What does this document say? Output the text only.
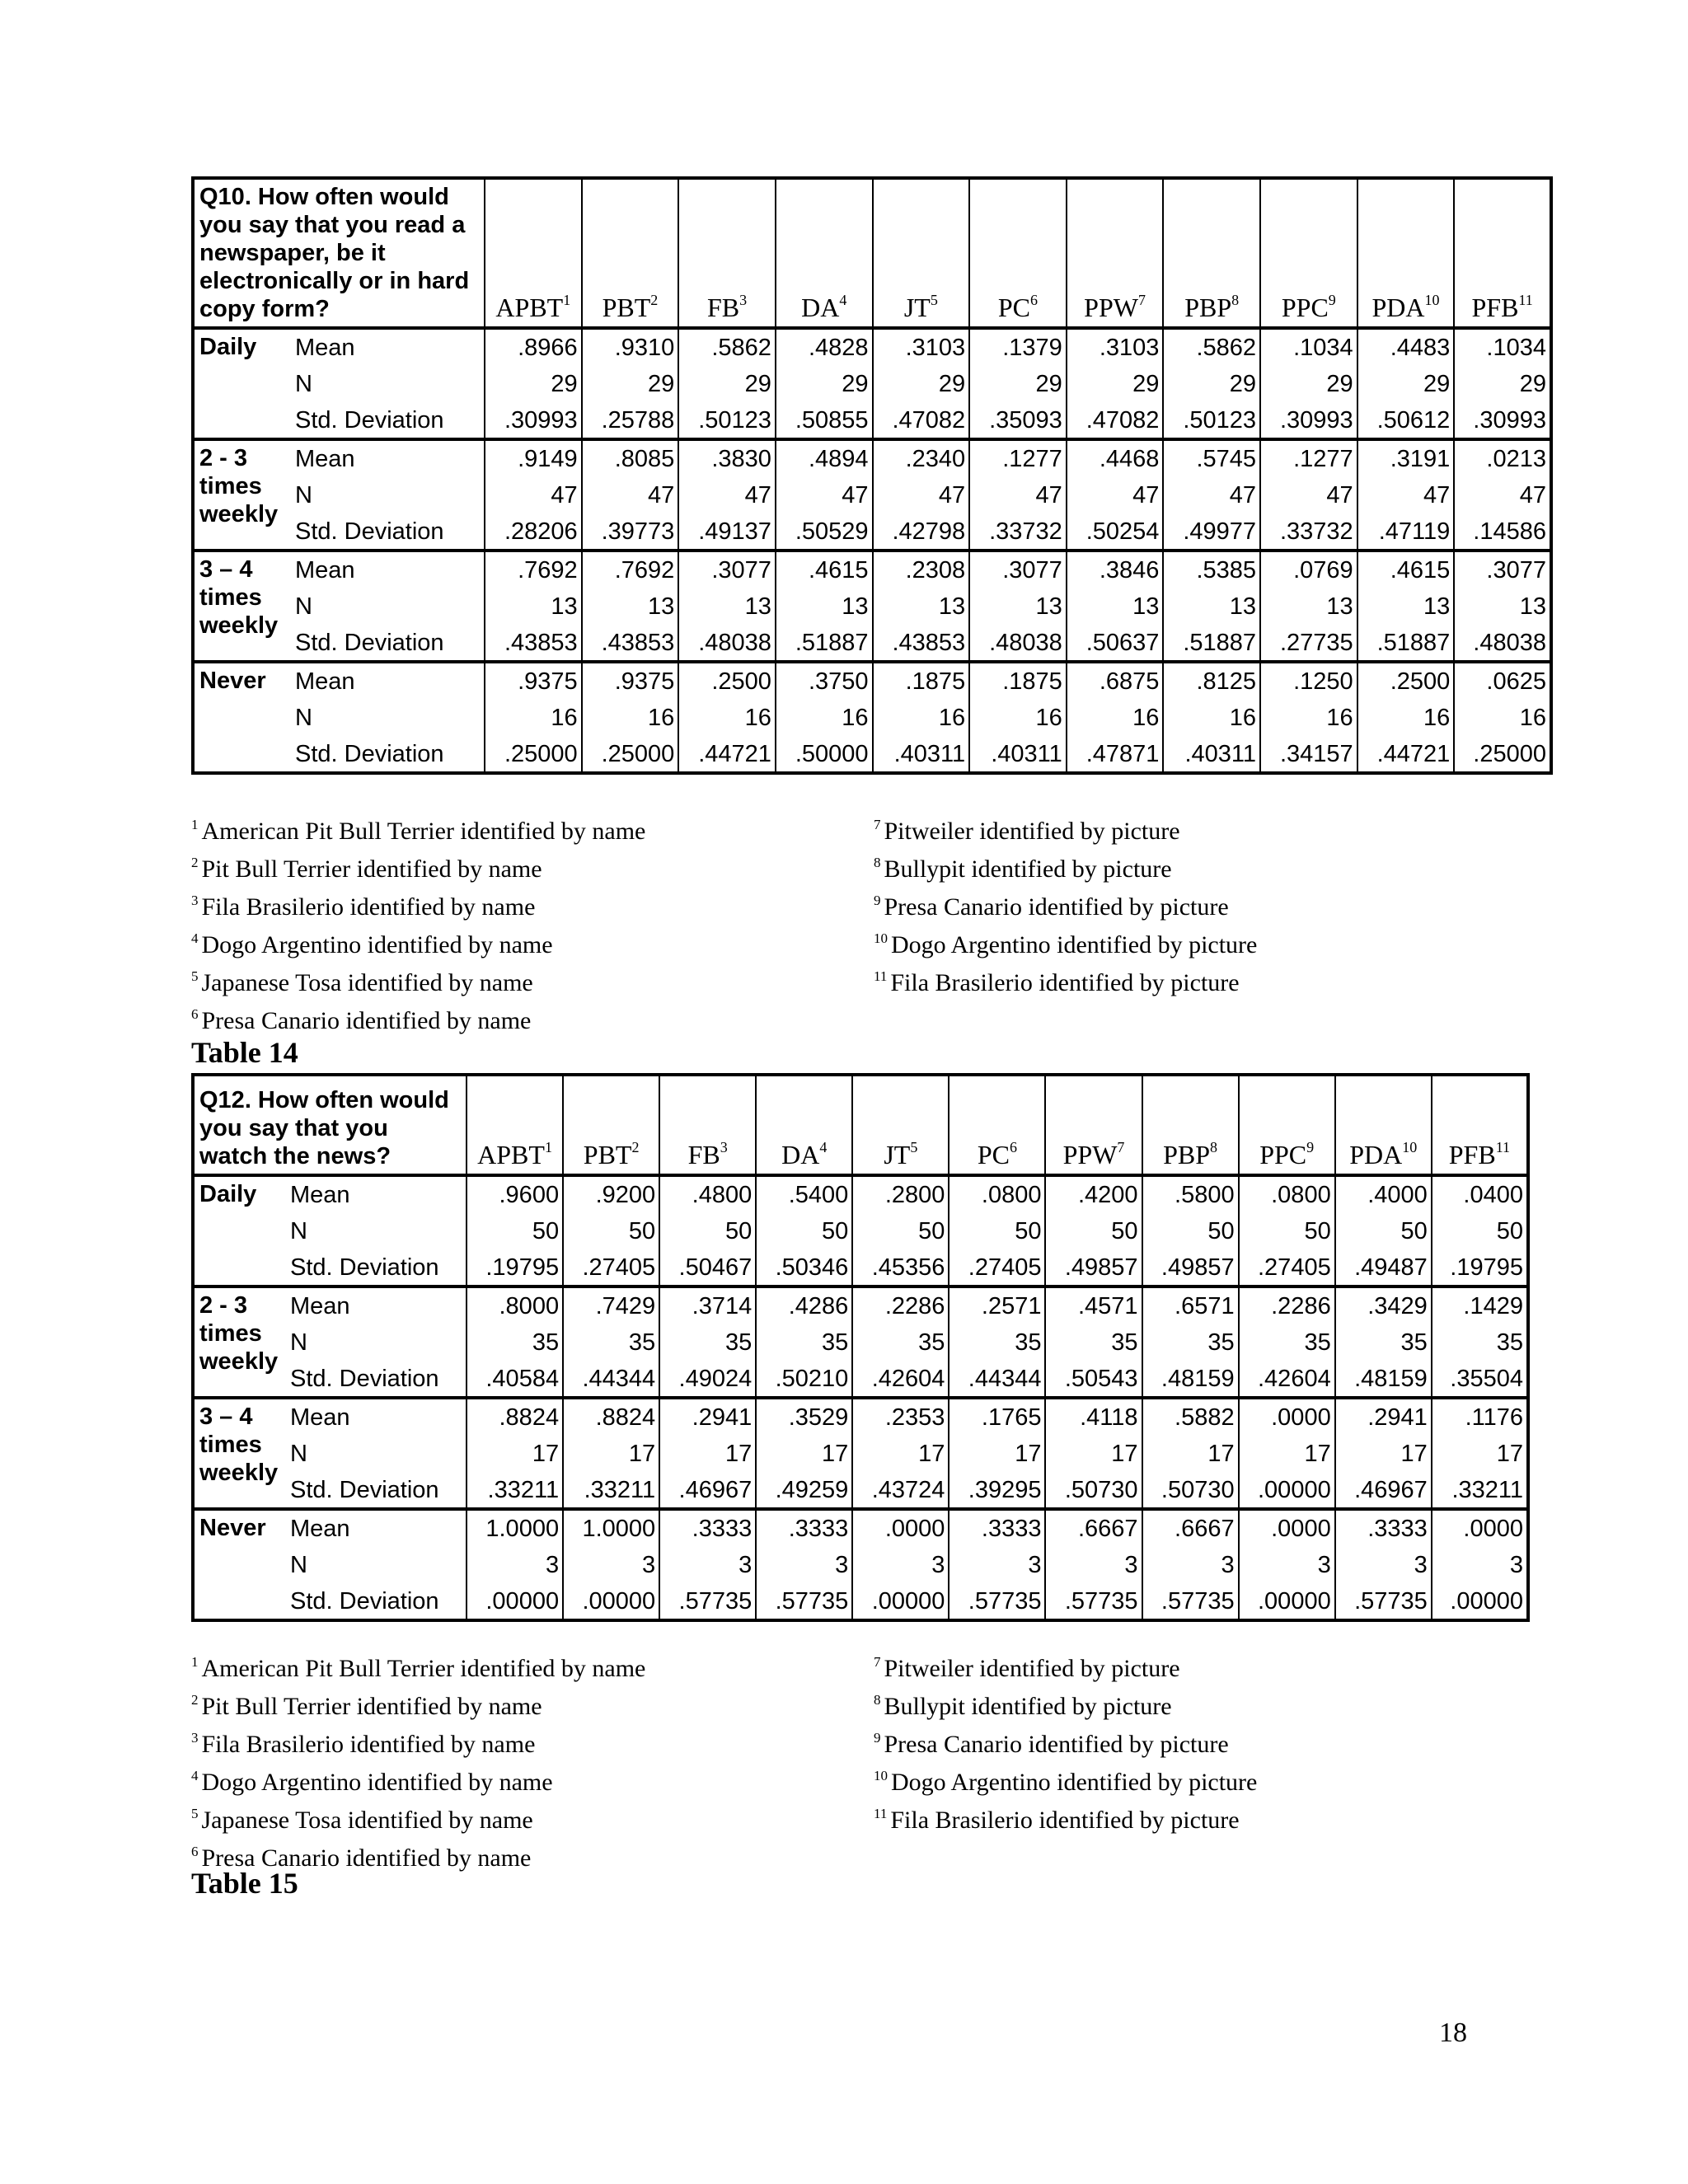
Q10. How often would you say that you read a newspaper, be it electronically or in hard copy form?		APBT$^1$	PBT$^2$	$FB^3$	$DA^4$	$JT^5$	$PC^6$	PPW$^7$	PBP$^8$	PPC$^9$	PDA$^{10}$	PFB$^{11}$
Daily	Mean	.8966	.9310	.5862	.4828	.3103	.1379	.3103	.5862	.1034	.4483	.1034
	N	29	29	29	29	29	29	29	29	29	29	29
	Std. Deviation	.30993	.25788	.50123	.50855	.47082	.35093	.47082	.50123	.30993	.50612	.30993
2 - 3 times weekly	Mean	.9149	.8085	.3830	.4894	.2340	.1277	.4468	.5745	.1277	.3191	.0213
	N	47	47	47	47	47	47	47	47	47	47	47
	Std. Deviation	.28206	.39773	.49137	.50529	.42798	.33732	.50254	.49977	.33732	.47119	.14586
3 – 4 times weekly	Mean	.7692	.7692	.3077	.4615	.2308	.3077	.3846	.5385	.0769	.4615	.3077
	N	13	13	13	13	13	13	13	13	13	13	13
	Std. Deviation	.43853	.43853	.48038	.51887	.43853	.48038	.50637	.51887	.27735	.51887	.48038
Never	Mean	.9375	.9375	.2500	.3750	.1875	.1875	.6875	.8125	.1250	.2500	.0625
	N	16	16	16	16	16	16	16	16	16	16	16
	Std. Deviation	.25000	.25000	.44721	.50000	.40311	.40311	.47871	.40311	.34157	.44721	.25000
$^1$ American Pit Bull Terrier identified by name
$^2$ Pit Bull Terrier identified by name
$^3$ Fila Brasilerio identified by name
$^4$ Dogo Argentino identified by name
$^5$ Japanese Tosa identified by name
$^6$ Presa Canario identified by name
$^7$ Pitweiler identified by picture
$^8$ Bullypit identified by picture
$^9$ Presa Canario identified by picture
$^{10}$ Dogo Argentino identified by picture
$^{11}$ Fila Brasilerio identified by picture
Table 14
Q12. How often would you say that you watch the news?		APBT$^1$	PBT$^2$	$FB^3$	$DA^4$	$JT^5$	$PC^6$	PPW$^7$	PBP$^8$	PPC$^9$	PDA$^{10}$	PFB$^{11}$
Daily	Mean	.9600	.9200	.4800	.5400	.2800	.0800	.4200	.5800	.0800	.4000	.0400
	N	50	50	50	50	50	50	50	50	50	50	50
	Std. Deviation	.19795	.27405	.50467	.50346	.45356	.27405	.49857	.49857	.27405	.49487	.19795
2 - 3 times weekly	Mean	.8000	.7429	.3714	.4286	.2286	.2571	.4571	.6571	.2286	.3429	.1429
	N	35	35	35	35	35	35	35	35	35	35	35
	Std. Deviation	.40584	.44344	.49024	.50210	.42604	.44344	.50543	.48159	.42604	.48159	.35504
3 – 4 times weekly	Mean	.8824	.8824	.2941	.3529	.2353	.1765	.4118	.5882	.0000	.2941	.1176
	N	17	17	17	17	17	17	17	17	17	17	17
	Std. Deviation	.33211	.33211	.46967	.49259	.43724	.39295	.50730	.50730	.00000	.46967	.33211
Never	Mean	1.0000	1.0000	.3333	.3333	.0000	.3333	.6667	.6667	.0000	.3333	.0000
	N	3	3	3	3	3	3	3	3	3	3	3
	Std. Deviation	.00000	.00000	.57735	.57735	.00000	.57735	.57735	.57735	.00000	.57735	.00000
$^1$ American Pit Bull Terrier identified by name
$^2$ Pit Bull Terrier identified by name
$^3$ Fila Brasilerio identified by name
$^4$ Dogo Argentino identified by name
$^5$ Japanese Tosa identified by name
$^6$ Presa Canario identified by name
$^7$ Pitweiler identified by picture
$^8$ Bullypit identified by picture
$^9$ Presa Canario identified by picture
$^{10}$ Dogo Argentino identified by picture
$^{11}$ Fila Brasilerio identified by picture
Table 15
18
